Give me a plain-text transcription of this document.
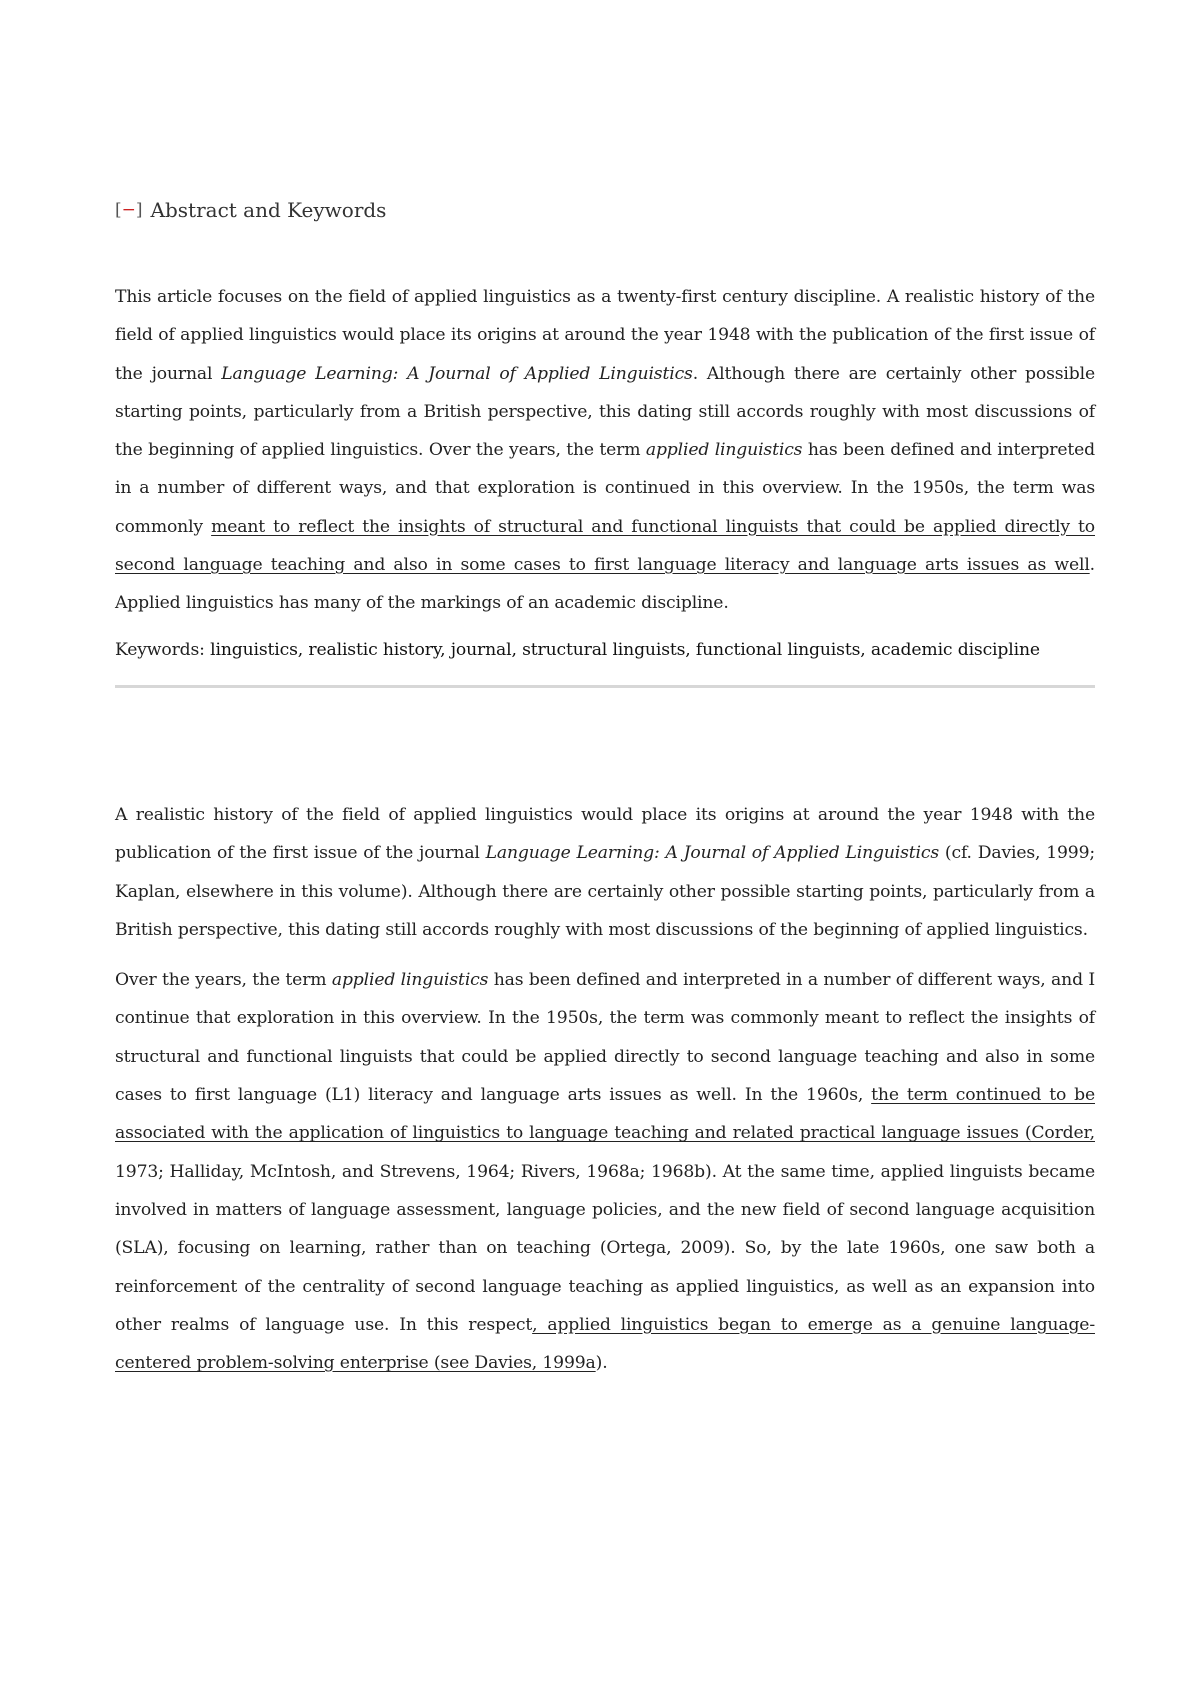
[−] Abstract and Keywords

This article focuses on the field of applied linguistics as a twenty-first century discipline. A realistic history of the field of applied linguistics would place its origins at around the year 1948 with the publication of the first issue of the journal Language Learning: A Journal of Applied Linguistics. Although there are certainly other possible starting points, particularly from a British perspective, this dating still accords roughly with most discussions of the beginning of applied linguistics. Over the years, the term applied linguistics has been defined and interpreted in a number of different ways, and that exploration is continued in this overview. In the 1950s, the term was commonly meant to reflect the insights of structural and functional linguists that could be applied directly to second language teaching and also in some cases to first language literacy and language arts issues as well. Applied linguistics has many of the markings of an academic discipline.

Keywords: linguistics, realistic history, journal, structural linguists, functional linguists, academic discipline

A realistic history of the field of applied linguistics would place its origins at around the year 1948 with the publication of the first issue of the journal Language Learning: A Journal of Applied Linguistics (cf. Davies, 1999; Kaplan, elsewhere in this volume). Although there are certainly other possible starting points, particularly from a British perspective, this dating still accords roughly with most discussions of the beginning of applied linguistics.

Over the years, the term applied linguistics has been defined and interpreted in a number of different ways, and I continue that exploration in this overview. In the 1950s, the term was commonly meant to reflect the insights of structural and functional linguists that could be applied directly to second language teaching and also in some cases to first language (L1) literacy and language arts issues as well. In the 1960s, the term continued to be associated with the application of linguistics to language teaching and related practical language issues (Corder, 1973; Halliday, McIntosh, and Strevens, 1964; Rivers, 1968a; 1968b). At the same time, applied linguists became involved in matters of language assessment, language policies, and the new field of second language acquisition (SLA), focusing on learning, rather than on teaching (Ortega, 2009). So, by the late 1960s, one saw both a reinforcement of the centrality of second language teaching as applied linguistics, as well as an expansion into other realms of language use. In this respect, applied linguistics began to emerge as a genuine language-centered problem-solving enterprise (see Davies, 1999a).
